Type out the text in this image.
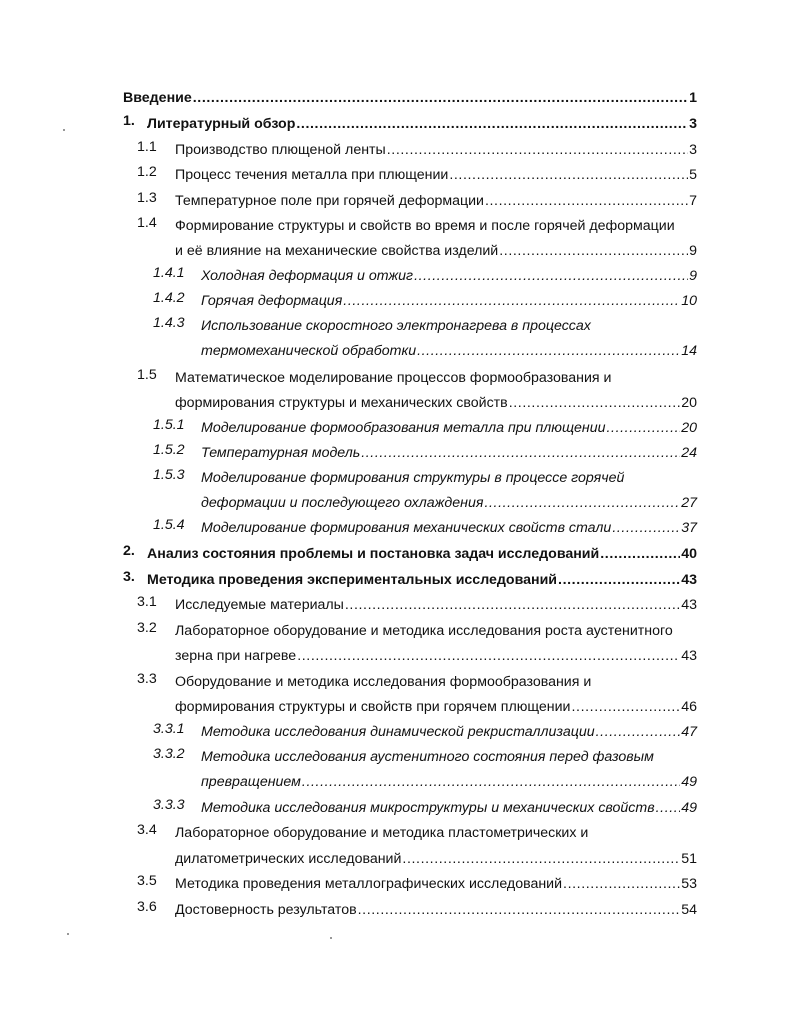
Введение .....	1
1. Литературный обзор .....	3
1.1 Производство плющеной ленты .....	3
1.2 Процесс течения металла при плющении .....	5
1.3 Температурное поле при горячей деформации .....	7
1.4 Формирование структуры и свойств во время и после горячей деформации
и её влияние на механические свойства изделий .....	9
1.4.1 Холодная деформация и отжиг .....	9
1.4.2 Горячая деформация .....	10
1.4.3 Использование скоростного электронагрева в процессах
термомеханической обработки .....	14
1.5 Математическое моделирование процессов формообразования и
формирования структуры и механических свойств .....	20
1.5.1 Моделирование формообразования металла при плющении .....	20
1.5.2 Температурная модель .....	24
1.5.3 Моделирование формирования структуры в процессе горячей
деформации и последующего охлаждения .....	27
1.5.4 Моделирование формирования механических свойств стали .....	37
2. Анализ состояния проблемы и постановка задач исследований .....	40
3. Методика проведения экспериментальных исследований .....	43
3.1 Исследуемые материалы .....	43
3.2 Лабораторное оборудование и методика исследования роста аустенитного
зерна при нагреве .....	43
3.3 Оборудование и методика исследования формообразования и
формирования структуры и свойств при горячем плющении .....	46
3.3.1 Методика исследования динамической рекристаллизации .....	47
3.3.2 Методика исследования аустенитного состояния перед фазовым
превращением .....	49
3.3.3 Методика исследования микроструктуры и механических свойств ..... 49
3.4 Лабораторное оборудование и методика пластометрических и
дилатометрических исследований .....	51
3.5 Методика проведения металлографических исследований .....	53
3.6 Достоверность результатов .....	54
